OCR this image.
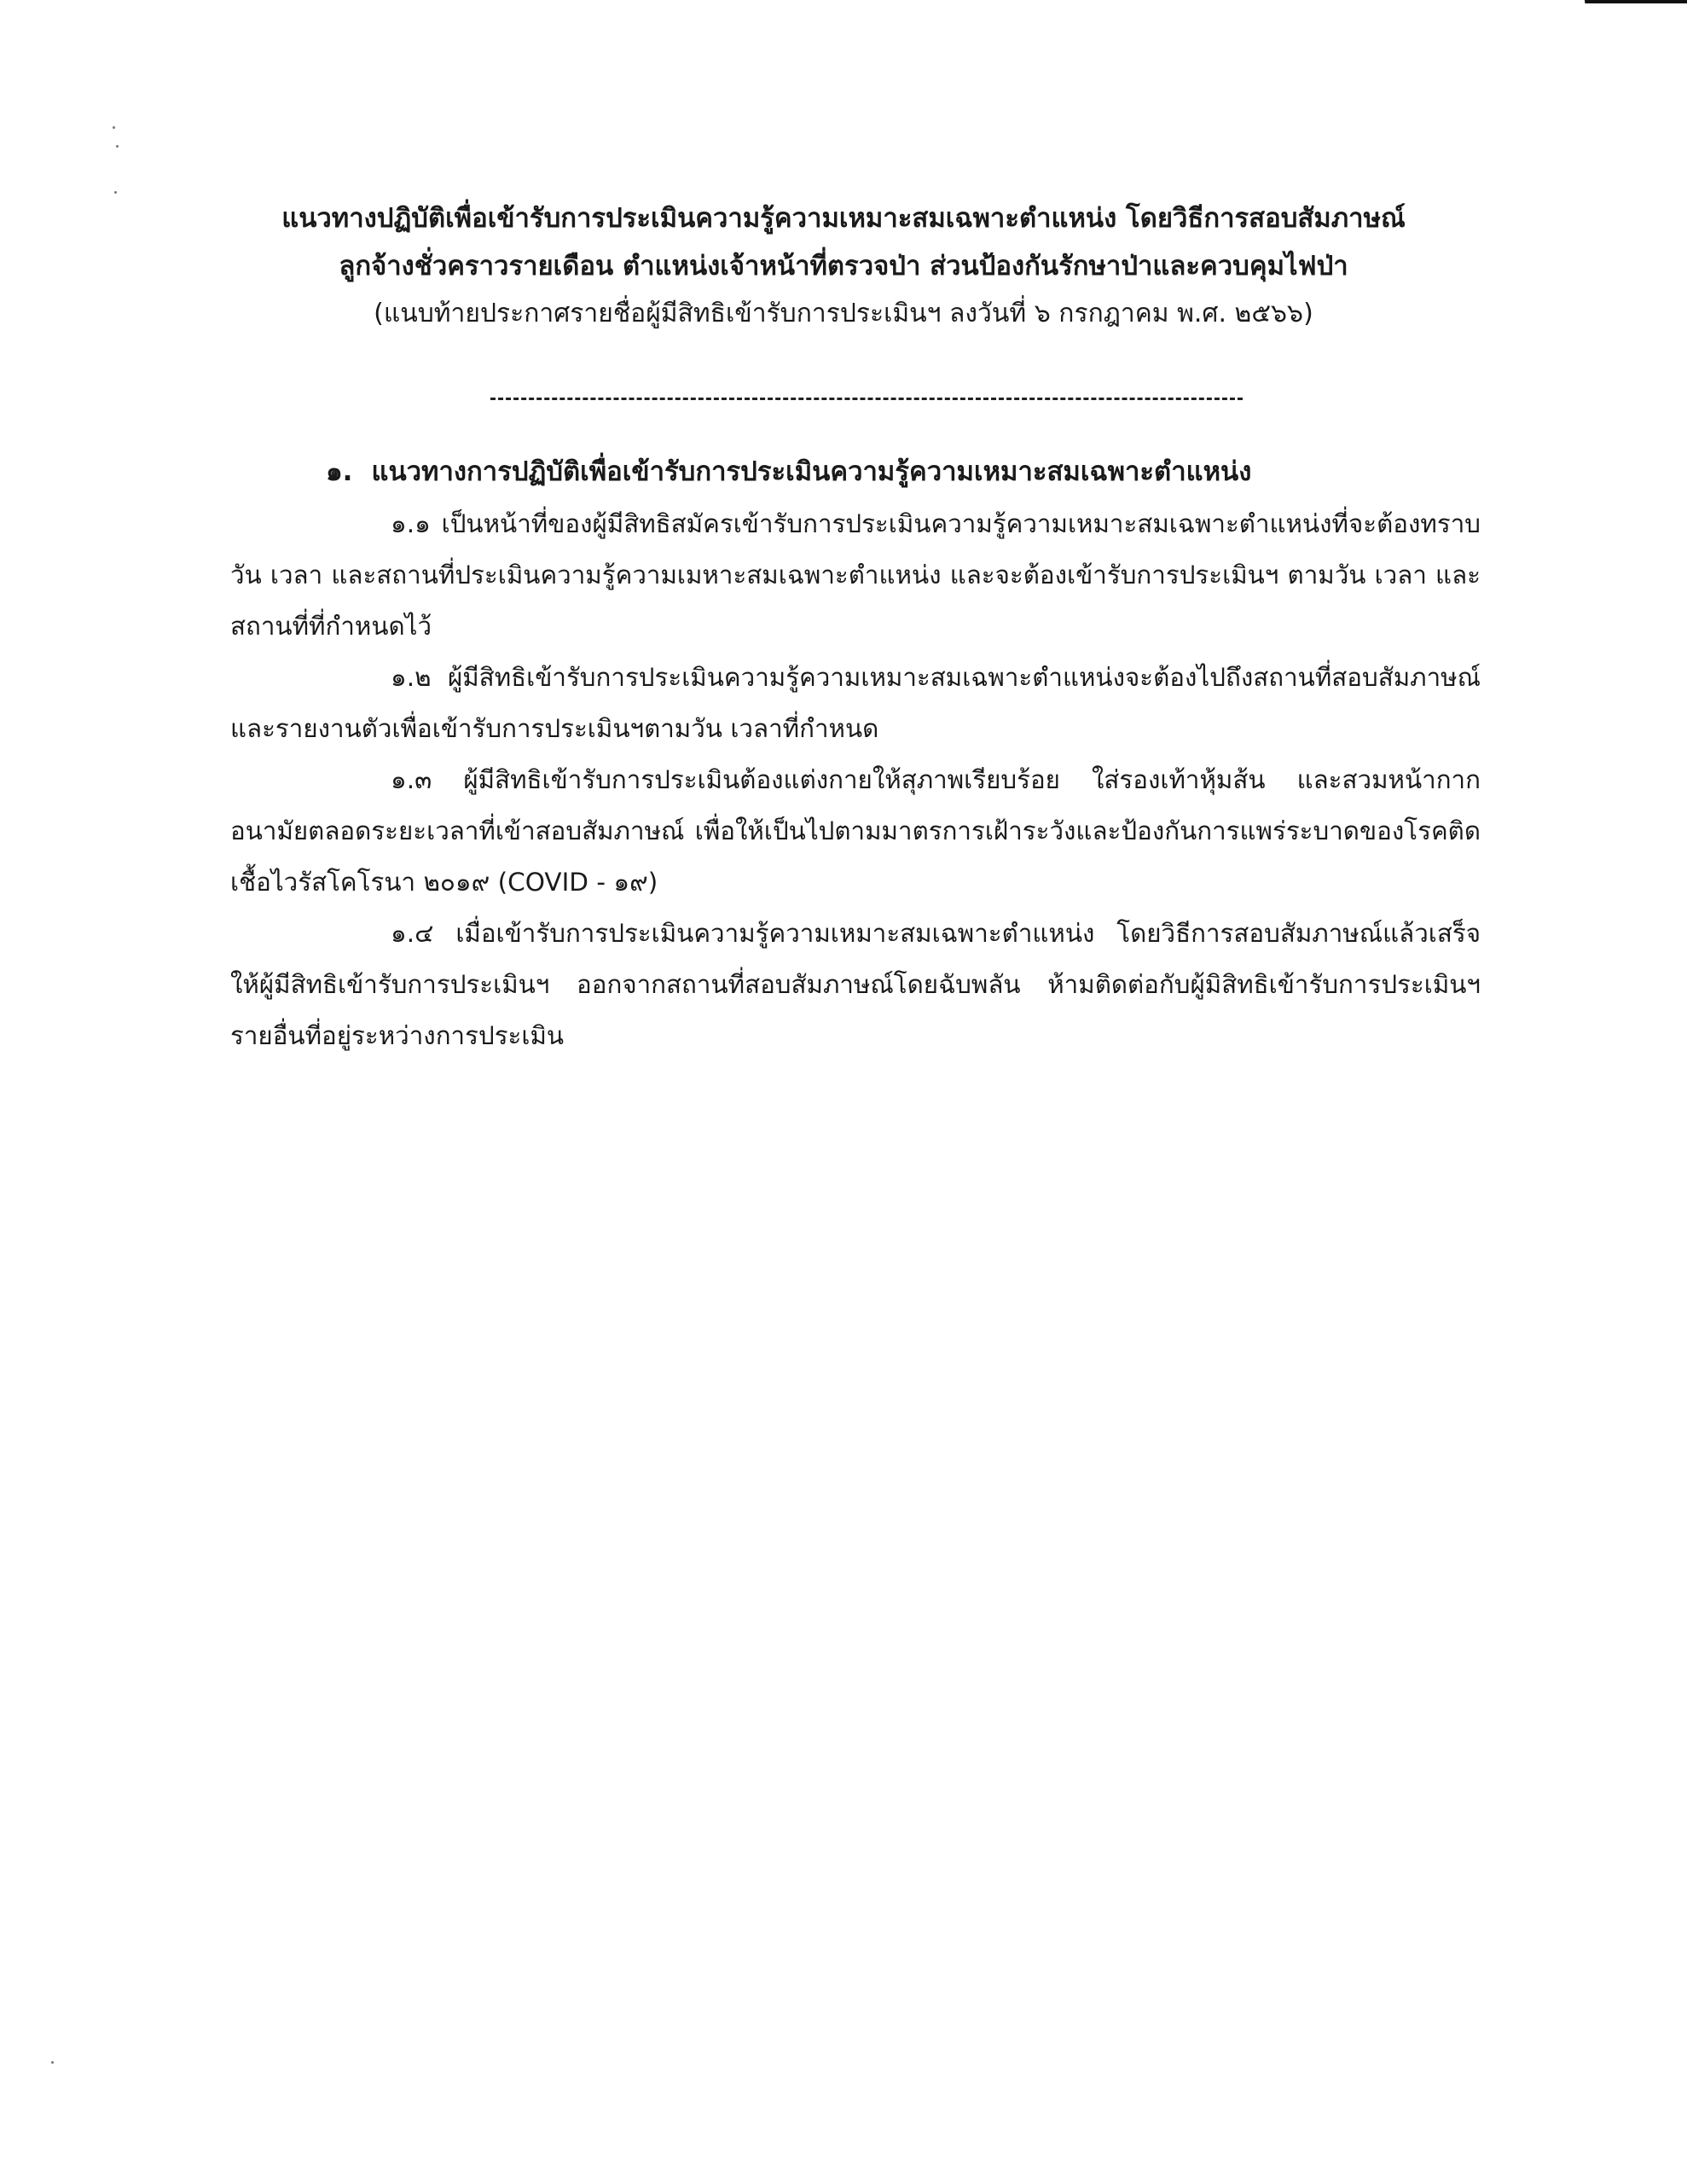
แนวทางปฏิบัติเพื่อเข้ารับการประเมินความรู้ความเหมาะสมเฉพาะตำแหน่ง โดยวิธีการสอบสัมภาษณ์
ลูกจ้างชั่วคราวรายเดือน ตำแหน่งเจ้าหน้าที่ตรวจป่า ส่วนป้องกันรักษาป่าและควบคุมไฟป่า
(แนบท้ายประกาศรายชื่อผู้มีสิทธิเข้ารับการประเมินฯ ลงวันที่ ๖ กรกฎาคม พ.ศ. ๒๕๖๖)
๑. แนวทางการปฏิบัติเพื่อเข้ารับการประเมินความรู้ความเหมาะสมเฉพาะตำแหน่ง

๑.๑ เป็นหน้าที่ของผู้มีสิทธิสมัครเข้ารับการประเมินความรู้ความเหมาะสมเฉพาะตำแหน่งที่จะต้องทราบวัน เวลา และสถานที่ประเมินความรู้ความเมหาะสมเฉพาะตำแหน่ง และจะต้องเข้ารับการประเมินฯ ตามวัน เวลา และสถานที่ที่กำหนดไว้

๑.๒ ผู้มีสิทธิเข้ารับการประเมินความรู้ความเหมาะสมเฉพาะตำแหน่งจะต้องไปถึงสถานที่สอบสัมภาษณ์ และรายงานตัวเพื่อเข้ารับการประเมินฯตามวัน เวลาที่กำหนด

๑.๓ ผู้มีสิทธิเข้ารับการประเมินต้องแต่งกายให้สุภาพเรียบร้อย ใส่รองเท้าหุ้มส้น และสวมหน้ากากอนามัยตลอดระยะเวลาที่เข้าสอบสัมภาษณ์ เพื่อให้เป็นไปตามมาตรการเฝ้าระวังและป้องกันการแพร่ระบาดของโรคติดเชื้อไวรัสโคโรนา ๒๐๑๙ (COVID - ๑๙)

๑.๔ เมื่อเข้ารับการประเมินความรู้ความเหมาะสมเฉพาะตำแหน่ง โดยวิธีการสอบสัมภาษณ์แล้วเสร็จ ให้ผู้มีสิทธิเข้ารับการประเมินฯ ออกจากสถานที่สอบสัมภาษณ์โดยฉับพลัน ห้ามติดต่อกับผู้มิสิทธิเข้ารับการประเมินฯ รายอื่นที่อยู่ระหว่างการประเมิน
